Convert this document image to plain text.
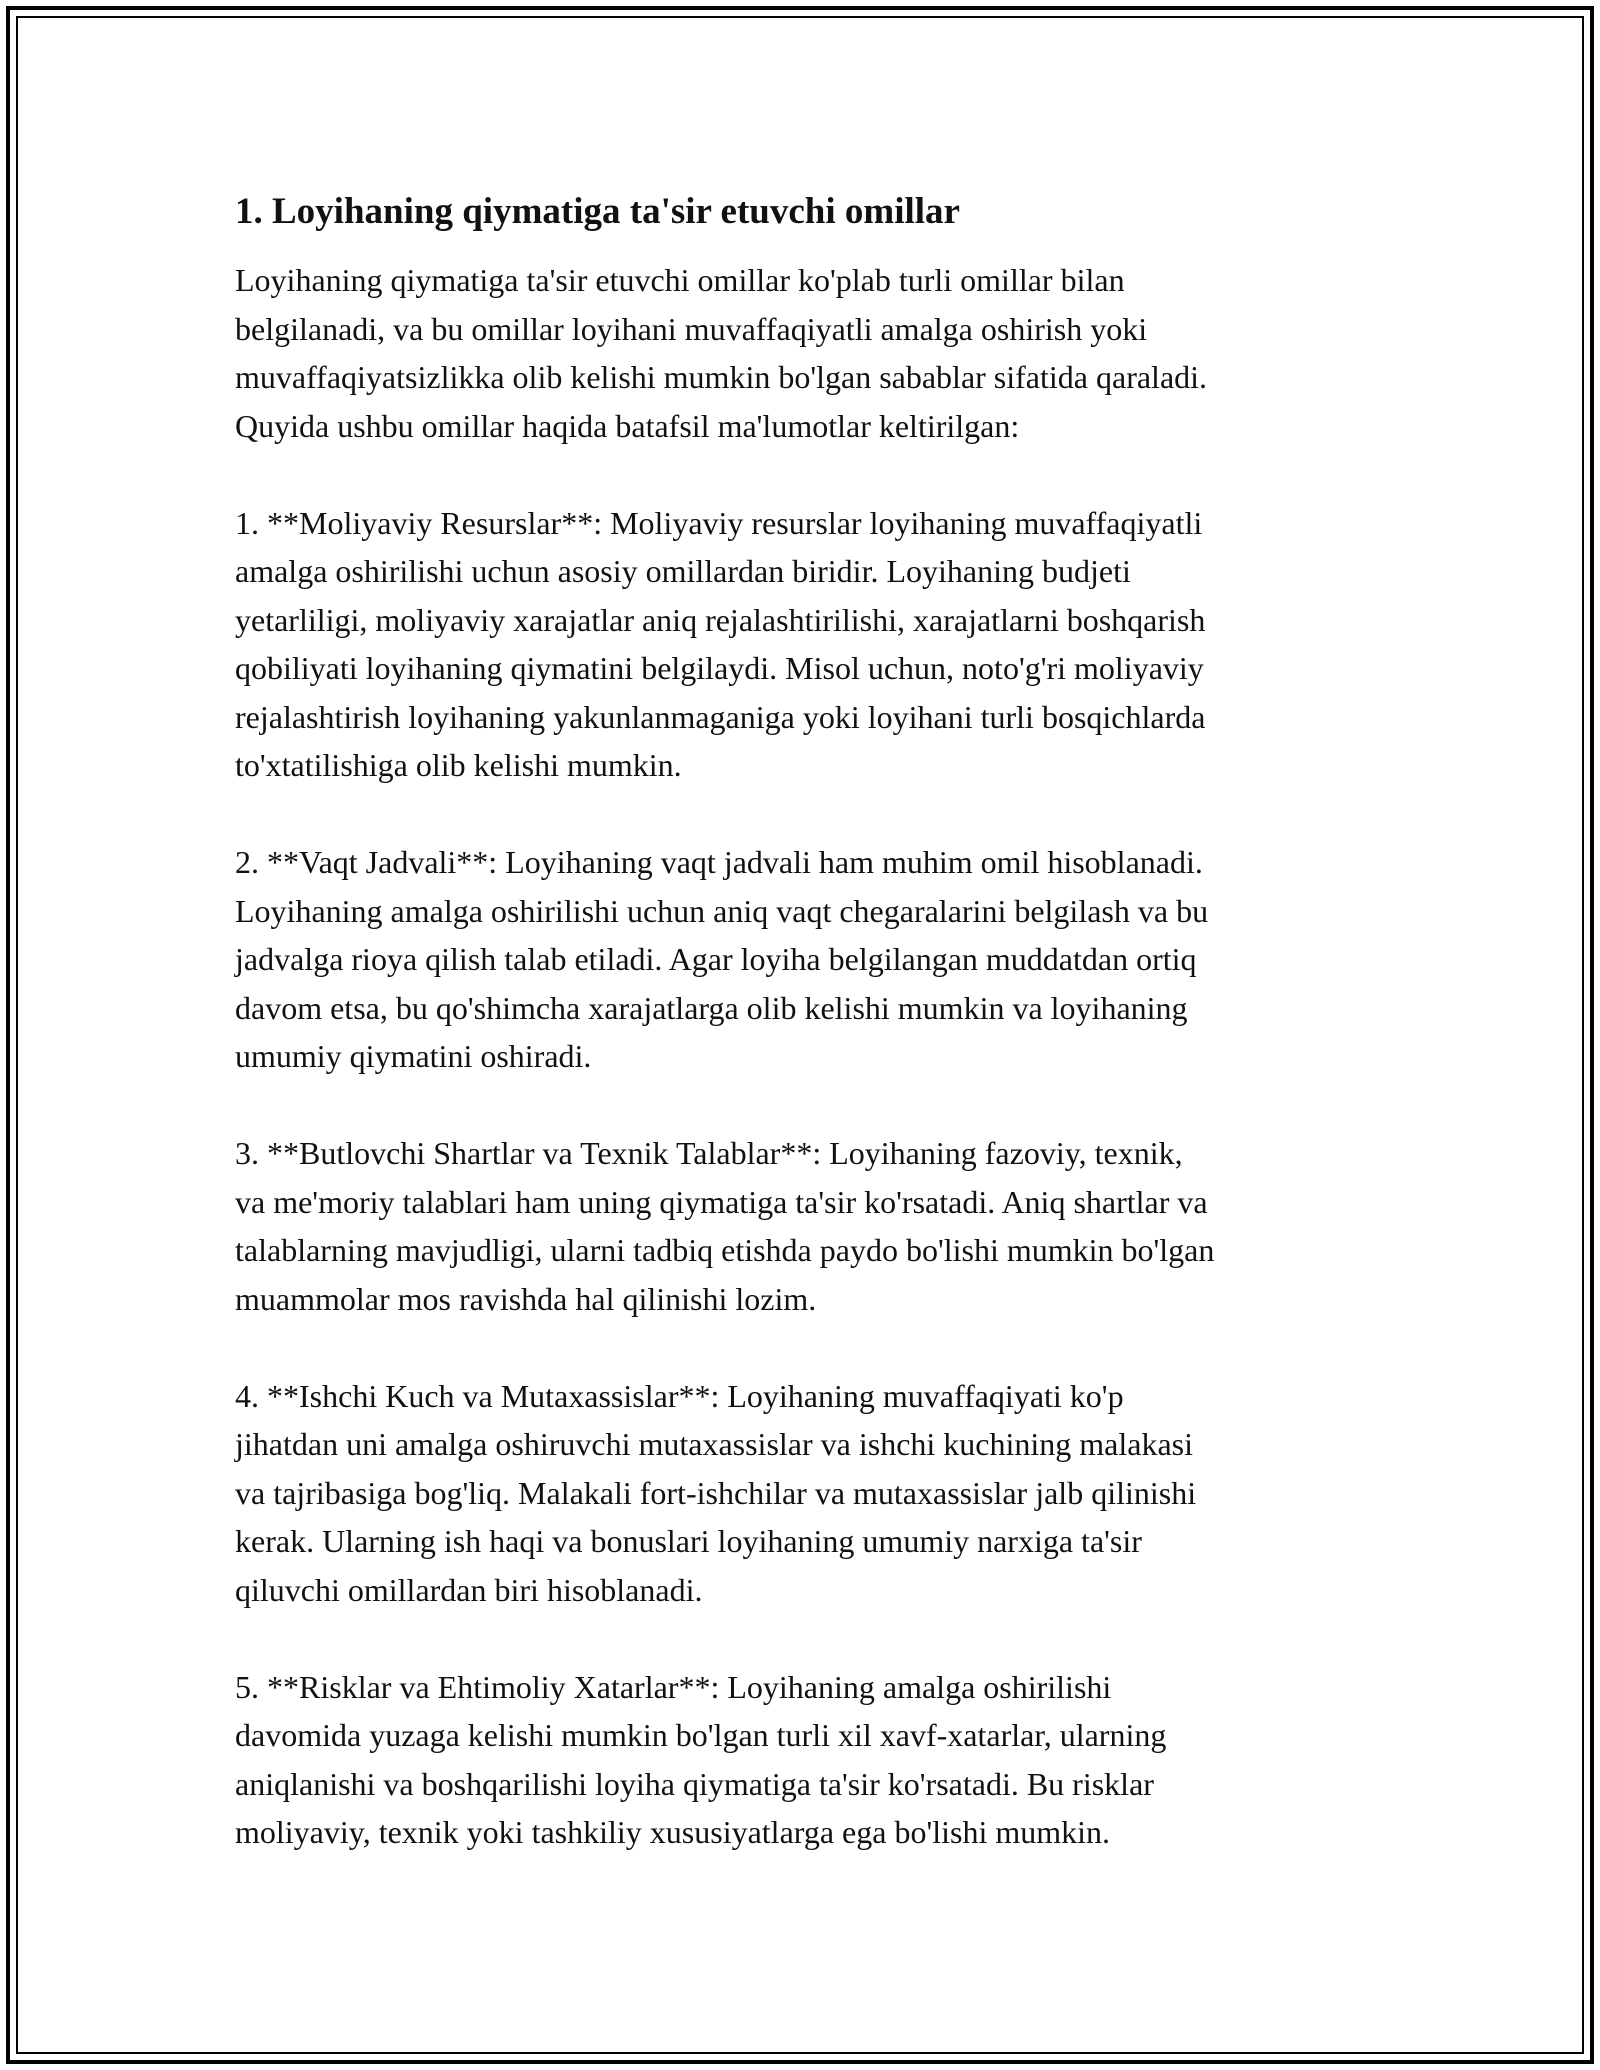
1. Loyihaning qiymatiga ta'sir etuvchi omillar

Loyihaning qiymatiga ta'sir etuvchi omillar ko'plab turli omillar bilan
belgilanadi, va bu omillar loyihani muvaffaqiyatli amalga oshirish yoki
muvaffaqiyatsizlikka olib kelishi mumkin bo'lgan sabablar sifatida qaraladi.
Quyida ushbu omillar haqida batafsil ma'lumotlar keltirilgan:

1. **Moliyaviy Resurslar**: Moliyaviy resurslar loyihaning muvaffaqiyatli
amalga oshirilishi uchun asosiy omillardan biridir. Loyihaning budjeti
yetarliligi, moliyaviy xarajatlar aniq rejalashtirilishi, xarajatlarni boshqarish
qobiliyati loyihaning qiymatini belgilaydi. Misol uchun, noto'g'ri moliyaviy
rejalashtirish loyihaning yakunlanmaganiga yoki loyihani turli bosqichlarda
to'xtatilishiga olib kelishi mumkin.

2. **Vaqt Jadvali**: Loyihaning vaqt jadvali ham muhim omil hisoblanadi.
Loyihaning amalga oshirilishi uchun aniq vaqt chegaralarini belgilash va bu
jadvalga rioya qilish talab etiladi. Agar loyiha belgilangan muddatdan ortiq
davom etsa, bu qo'shimcha xarajatlarga olib kelishi mumkin va loyihaning
umumiy qiymatini oshiradi.

3. **Butlovchi Shartlar va Texnik Talablar**: Loyihaning fazoviy, texnik,
va me'moriy talablari ham uning qiymatiga ta'sir ko'rsatadi. Aniq shartlar va
talablarning mavjudligi, ularni tadbiq etishda paydo bo'lishi mumkin bo'lgan
muammolar mos ravishda hal qilinishi lozim.

4. **Ishchi Kuch va Mutaxassislar**: Loyihaning muvaffaqiyati ko'p
jihatdan uni amalga oshiruvchi mutaxassislar va ishchi kuchining malakasi
va tajribasiga bog'liq. Malakali fort-ishchilar va mutaxassislar jalb qilinishi
kerak. Ularning ish haqi va bonuslari loyihaning umumiy narxiga ta'sir
qiluvchi omillardan biri hisoblanadi.

5. **Risklar va Ehtimoliy Xatarlar**: Loyihaning amalga oshirilishi
davomida yuzaga kelishi mumkin bo'lgan turli xil xavf-xatarlar, ularning
aniqlanishi va boshqarilishi loyiha qiymatiga ta'sir ko'rsatadi. Bu risklar
moliyaviy, texnik yoki tashkiliy xususiyatlarga ega bo'lishi mumkin.
